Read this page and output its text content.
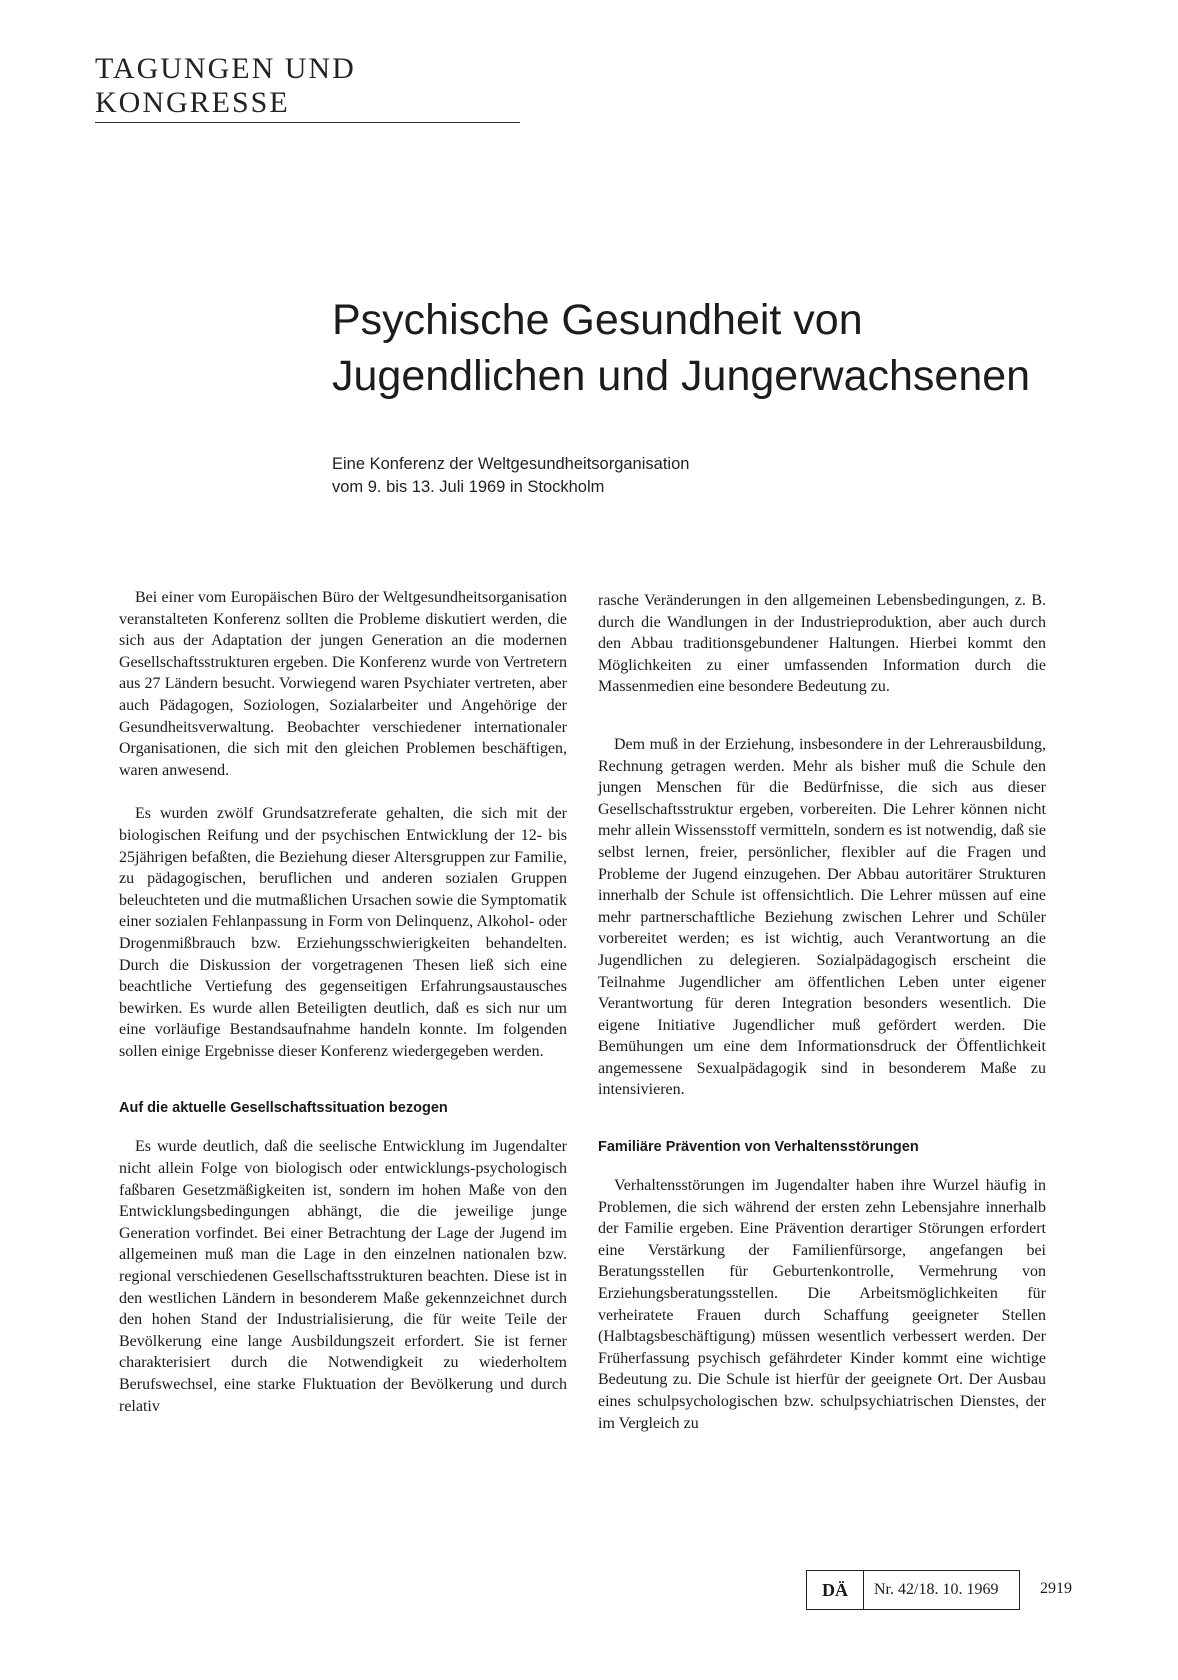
TAGUNGEN UND KONGRESSE
Psychische Gesundheit von
Jugendlichen und Jungerwachsenen
Eine Konferenz der Weltgesundheitsorganisation
vom 9. bis 13. Juli 1969 in Stockholm

Bei einer vom Europäischen Büro der Weltgesundheitsorganisation veranstalteten Konferenz sollten die Probleme diskutiert werden, die sich aus der Adaptation der jungen Generation an die modernen Gesellschaftsstrukturen ergeben. Die Konferenz wurde von Vertretern aus 27 Ländern besucht. Vorwiegend waren Psychiater vertreten, aber auch Pädagogen, Soziologen, Sozialarbeiter und Angehörige der Gesundheitsverwaltung. Beobachter verschiedener internationaler Organisationen, die sich mit den gleichen Problemen beschäftigen, waren anwesend.

Es wurden zwölf Grundsatzreferate gehalten, die sich mit der biologischen Reifung und der psychischen Entwicklung der 12- bis 25jährigen befaßten, die Beziehung dieser Altersgruppen zur Familie, zu pädagogischen, beruflichen und anderen sozialen Gruppen beleuchteten und die mutmaßlichen Ursachen sowie die Symptomatik einer sozialen Fehlanpassung in Form von Delinquenz, Alkohol- oder Drogenmißbrauch bzw. Erziehungsschwierigkeiten behandelten. Durch die Diskussion der vorgetragenen Thesen ließ sich eine beachtliche Vertiefung des gegenseitigen Erfahrungsaustausches bewirken. Es wurde allen Beteiligten deutlich, daß es sich nur um eine vorläufige Bestandsaufnahme handeln konnte. Im folgenden sollen einige Ergebnisse dieser Konferenz wiedergegeben werden.

Auf die aktuelle Gesellschaftssituation bezogen

Es wurde deutlich, daß die seelische Entwicklung im Jugendalter nicht allein Folge von biologisch oder entwicklungs-psychologisch faßbaren Gesetzmäßigkeiten ist, sondern im hohen Maße von den Entwicklungsbedingungen abhängt, die die jeweilige junge Generation vorfindet. Bei einer Betrachtung der Lage der Jugend im allgemeinen muß man die Lage in den einzelnen nationalen bzw. regional verschiedenen Gesellschaftsstrukturen beachten. Diese ist in den westlichen Ländern in besonderem Maße gekennzeichnet durch den hohen Stand der Industrialisierung, die für weite Teile der Bevölkerung eine lange Ausbildungszeit erfordert. Sie ist ferner charakterisiert durch die Notwendigkeit zu wiederholtem Berufswechsel, eine starke Fluktuation der Bevölkerung und durch relativ

rasche Veränderungen in den allgemeinen Lebensbedingungen, z. B. durch die Wandlungen in der Industrieproduktion, aber auch durch den Abbau traditionsgebundener Haltungen. Hierbei kommt den Möglichkeiten zu einer umfassenden Information durch die Massenmedien eine besondere Bedeutung zu.

Dem muß in der Erziehung, insbesondere in der Lehrerausbildung, Rechnung getragen werden. Mehr als bisher muß die Schule den jungen Menschen für die Bedürfnisse, die sich aus dieser Gesellschaftsstruktur ergeben, vorbereiten. Die Lehrer können nicht mehr allein Wissensstoff vermitteln, sondern es ist notwendig, daß sie selbst lernen, freier, persönlicher, flexibler auf die Fragen und Probleme der Jugend einzugehen. Der Abbau autoritärer Strukturen innerhalb der Schule ist offensichtlich. Die Lehrer müssen auf eine mehr partnerschaftliche Beziehung zwischen Lehrer und Schüler vorbereitet werden; es ist wichtig, auch Verantwortung an die Jugendlichen zu delegieren. Sozialpädagogisch erscheint die Teilnahme Jugendlicher am öffentlichen Leben unter eigener Verantwortung für deren Integration besonders wesentlich. Die eigene Initiative Jugendlicher muß gefördert werden. Die Bemühungen um eine dem Informationsdruck der Öffentlichkeit angemessene Sexualpädagogik sind in besonderem Maße zu intensivieren.

Familiäre Prävention von Verhaltensstörungen

Verhaltensstörungen im Jugendalter haben ihre Wurzel häufig in Problemen, die sich während der ersten zehn Lebensjahre innerhalb der Familie ergeben. Eine Prävention derartiger Störungen erfordert eine Verstärkung der Familienfürsorge, angefangen bei Beratungsstellen für Geburtenkontrolle, Vermehrung von Erziehungsberatungsstellen. Die Arbeitsmöglichkeiten für verheiratete Frauen durch Schaffung geeigneter Stellen (Halbtagsbeschäftigung) müssen wesentlich verbessert werden. Der Früherfassung psychisch gefährdeter Kinder kommt eine wichtige Bedeutung zu. Die Schule ist hierfür der geeignete Ort. Der Ausbau eines schulpsychologischen bzw. schulpsychiatrischen Dienstes, der im Vergleich zu

DÄ	Nr. 42/18. 10. 1969	2919
